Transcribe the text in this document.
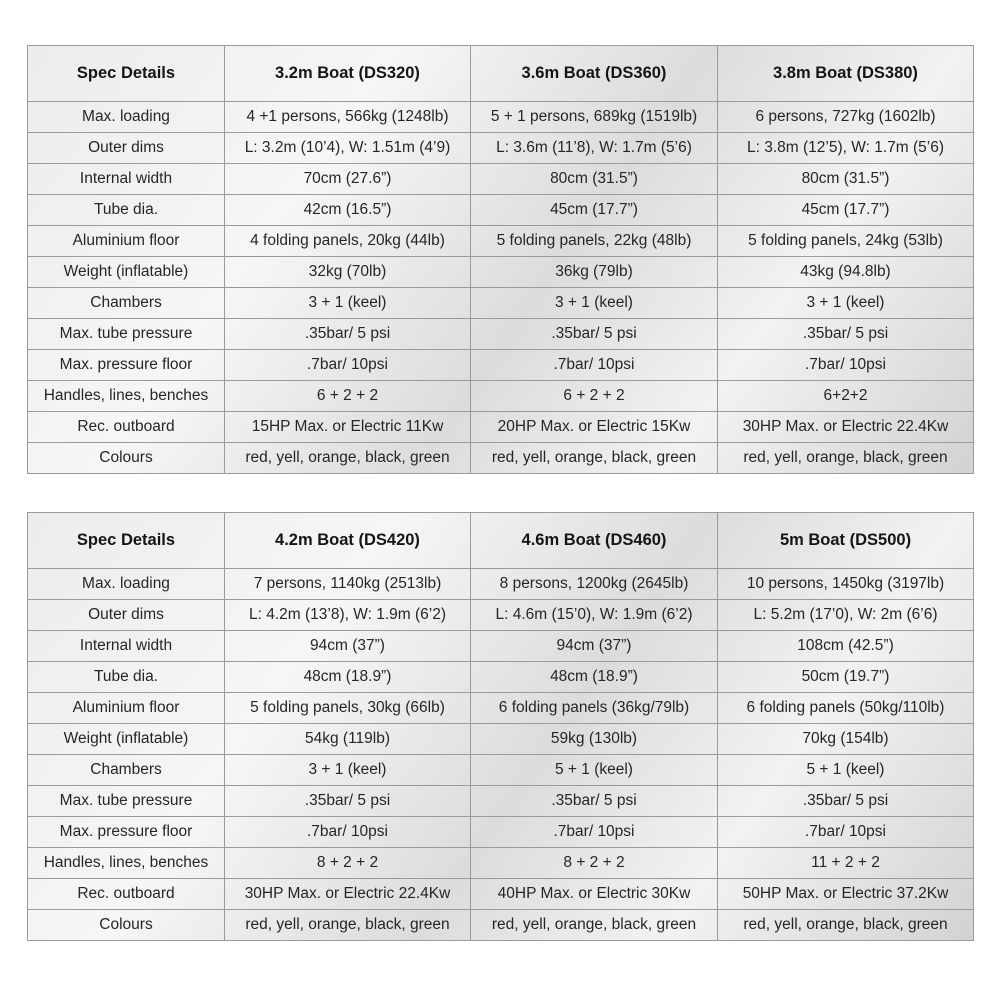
Spec Details	3.2m Boat (DS320)	3.6m Boat (DS360)	3.8m Boat (DS380)
Max. loading	4 +1 persons, 566kg (1248lb)	5 + 1 persons, 689kg (1519lb)	6 persons, 727kg (1602lb)
Outer dims	L: 3.2m (10’4), W: 1.51m (4’9)	L: 3.6m (11’8), W: 1.7m (5’6)	L: 3.8m (12’5), W: 1.7m (5’6)
Internal width	70cm (27.6”)	80cm (31.5”)	80cm (31.5”)
Tube dia.	42cm (16.5”)	45cm (17.7”)	45cm (17.7”)
Aluminium floor	4 folding panels, 20kg (44lb)	5 folding panels, 22kg (48lb)	5 folding panels, 24kg (53lb)
Weight (inflatable)	32kg (70lb)	36kg (79lb)	43kg (94.8lb)
Chambers	3 + 1 (keel)	3 + 1 (keel)	3 + 1 (keel)
Max. tube pressure	.35bar/ 5 psi	.35bar/ 5 psi	.35bar/ 5 psi
Max. pressure floor	.7bar/ 10psi	.7bar/ 10psi	.7bar/ 10psi
Handles, lines, benches	6 + 2 + 2	6 + 2 + 2	6+2+2
Rec. outboard	15HP Max. or Electric 11Kw	20HP Max. or Electric 15Kw	30HP Max. or Electric 22.4Kw
Colours	red, yell, orange, black, green	red, yell, orange, black, green	red, yell, orange, black, green
Spec Details	4.2m Boat (DS420)	4.6m Boat (DS460)	5m Boat (DS500)
Max. loading	7 persons, 1140kg (2513lb)	8 persons, 1200kg (2645lb)	10 persons, 1450kg (3197lb)
Outer dims	L: 4.2m (13’8), W: 1.9m (6’2)	L: 4.6m (15’0), W: 1.9m (6’2)	L: 5.2m (17’0), W: 2m (6’6)
Internal width	94cm (37”)	94cm (37”)	108cm (42.5”)
Tube dia.	48cm (18.9”)	48cm (18.9”)	50cm (19.7”)
Aluminium floor	5 folding panels, 30kg (66lb)	6 folding panels (36kg/79lb)	6 folding panels (50kg/110lb)
Weight (inflatable)	54kg (119lb)	59kg (130lb)	70kg (154lb)
Chambers	3 + 1 (keel)	5 + 1 (keel)	5 + 1 (keel)
Max. tube pressure	.35bar/ 5 psi	.35bar/ 5 psi	.35bar/ 5 psi
Max. pressure floor	.7bar/ 10psi	.7bar/ 10psi	.7bar/ 10psi
Handles, lines, benches	8 + 2 + 2	8 + 2 + 2	11 + 2 + 2
Rec. outboard	30HP Max. or Electric 22.4Kw	40HP Max. or Electric 30Kw	50HP Max. or Electric 37.2Kw
Colours	red, yell, orange, black, green	red, yell, orange, black, green	red, yell, orange, black, green
